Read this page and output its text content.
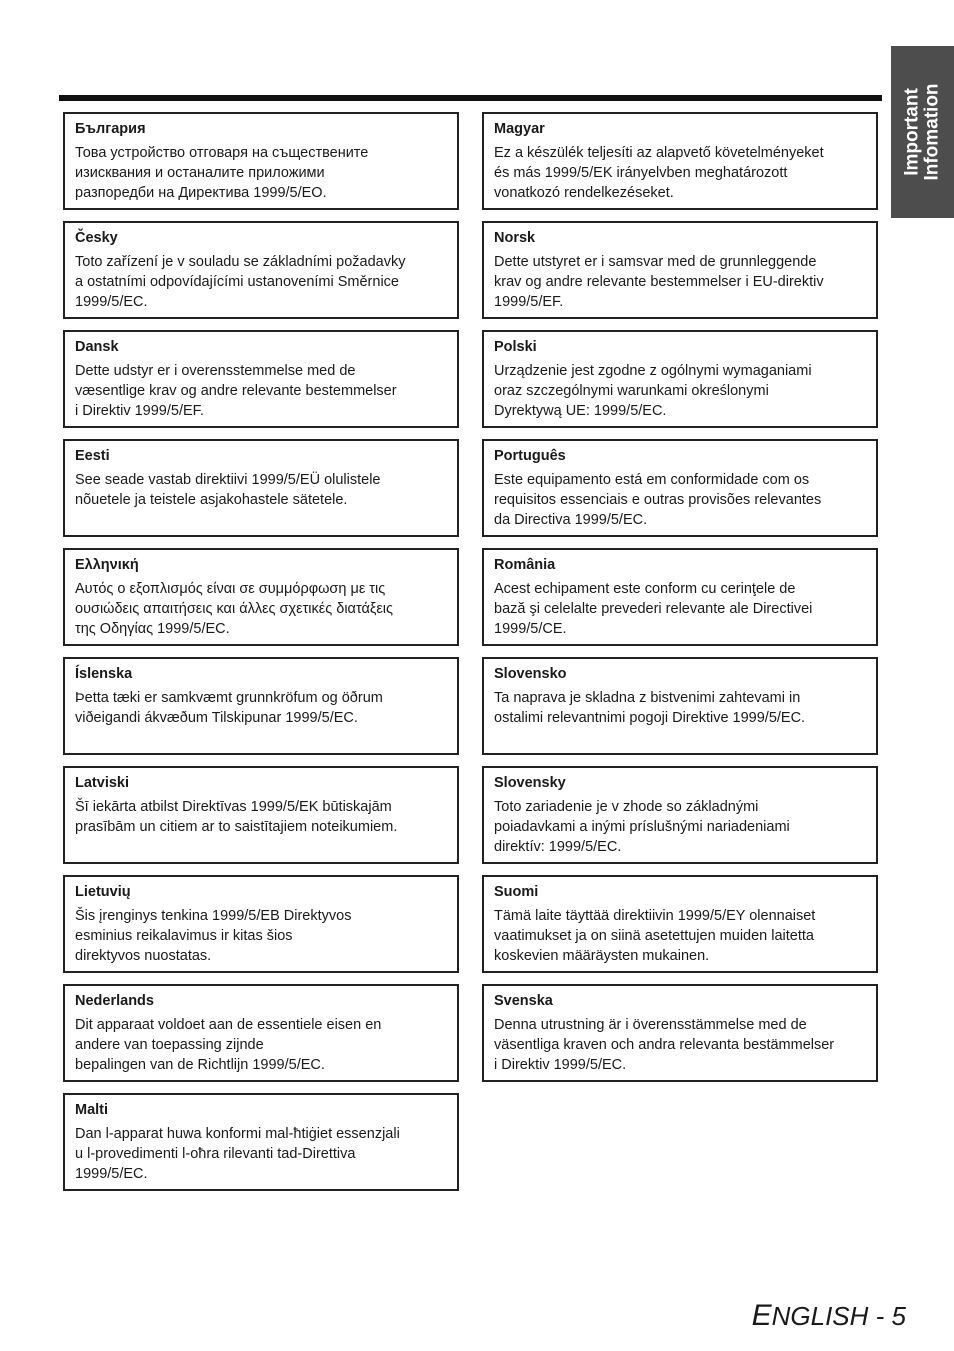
Important Infomation
България
Това устройство отговаря на съществените
изисквания и останалите приложими
разпоредби на Директива 1999/5/ЕО.
Česky
Toto zařízení je v souladu se základními požadavky
a ostatními odpovídajícími ustanoveními Směrnice
1999/5/EC.
Dansk
Dette udstyr er i overensstemmelse med de
væsentlige krav og andre relevante bestemmelser
i Direktiv 1999/5/EF.
Eesti
See seade vastab direktiivi 1999/5/EÜ olulistele
nõuetele ja teistele asjakohastele sätetele.
Ελληνική
Αυτός ο εξοπλισμός είναι σε συμμόρφωση με τις
ουσιώδεις απαιτήσεις και άλλες σχετικές διατάξεις
της Οδηγίας 1999/5/EC.
Íslenska
Þetta tæki er samkvæmt grunnkröfum og öðrum
viðeigandi ákvæðum Tilskipunar 1999/5/EC.
Latviski
Šī iekārta atbilst Direktīvas 1999/5/EK būtiskajām
prasībām un citiem ar to saistītajiem noteikumiem.
Lietuvių
Šis įrenginys tenkina 1999/5/EB Direktyvos
esminius reikalavimus ir kitas šios
direktyvos nuostatas.
Nederlands
Dit apparaat voldoet aan de essentiele eisen en
andere van toepassing zijnde
bepalingen van de Richtlijn 1999/5/EC.
Malti
Dan l-apparat huwa konformi mal-ħtiġiet essenzjali
u l-provedimenti l-oħra rilevanti tad-Direttiva
1999/5/EC.
Magyar
Ez a készülék teljesíti az alapvető követelményeket
és más 1999/5/EK irányelvben meghatározott
vonatkozó rendelkezéseket.
Norsk
Dette utstyret er i samsvar med de grunnleggende
krav og andre relevante bestemmelser i EU-direktiv
1999/5/EF.
Polski
Urządzenie jest zgodne z ogólnymi wymaganiami
oraz szczególnymi warunkami określonymi
Dyrektywą UE: 1999/5/EC.
Português
Este equipamento está em conformidade com os
requisitos essenciais e outras provisões relevantes
da Directiva 1999/5/EC.
România
Acest echipament este conform cu cerinţele de
bază şi celelalte prevederi relevante ale Directivei
1999/5/CE.
Slovensko
Ta naprava je skladna z bistvenimi zahtevami in
ostalimi relevantnimi pogoji Direktive 1999/5/EC.
Slovensky
Toto zariadenie je v zhode so základnými
poiadavkami a inými príslušnými nariadeniami
direktív: 1999/5/EC.
Suomi
Tämä laite täyttää direktiivin 1999/5/EY olennaiset
vaatimukset ja on siinä asetettujen muiden laitetta
koskevien määräysten mukainen.
Svenska
Denna utrustning är i överensstämmelse med de
väsentliga kraven och andra relevanta bestämmelser
i Direktiv 1999/5/EC.
ENGLISH - 5
